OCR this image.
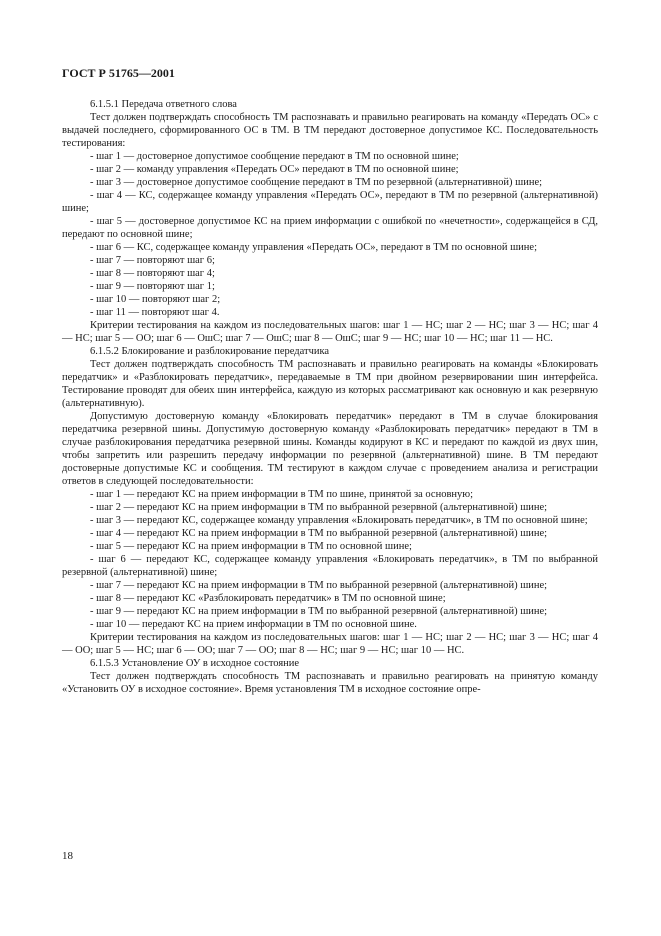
ГОСТ Р 51765—2001

6.1.5.1 Передача ответного слова

Тест должен подтверждать способность ТМ распознавать и правильно реагировать на команду «Передать ОС» с выдачей последнего, сформированного ОС в ТМ. В ТМ передают достоверное допустимое КС. Последовательность тестирования:

- шаг 1 — достоверное допустимое сообщение передают в ТМ по основной шине;

- шаг 2 — команду управления «Передать ОС» передают в ТМ по основной шине;

- шаг 3 — достоверное допустимое сообщение передают в ТМ по резервной (альтернативной) шине;

- шаг 4 — КС, содержащее команду управления «Передать ОС», передают в ТМ по резервной (альтернативной) шине;

- шаг 5 — достоверное допустимое КС на прием информации с ошибкой по «нечетности», содержащейся в СД, передают по основной шине;

- шаг 6 — КС, содержащее команду управления «Передать ОС», передают в ТМ по основной шине;

- шаг 7 — повторяют шаг 6;

- шаг 8 — повторяют шаг 4;

- шаг 9 — повторяют шаг 1;

- шаг 10 — повторяют шаг 2;

- шаг 11 — повторяют шаг 4.

Критерии тестирования на каждом из последовательных шагов: шаг 1 — НС; шаг 2 — НС; шаг 3 — НС; шаг 4 — НС; шаг 5 — ОО; шаг 6 — ОшС; шаг 7 — ОшС; шаг 8 — ОшС; шаг 9 — НС; шаг 10 — НС; шаг 11 — НС.

6.1.5.2 Блокирование и разблокирование передатчика

Тест должен подтверждать способность ТМ распознавать и правильно реагировать на команды «Блокировать передатчик» и «Разблокировать передатчик», передаваемые в ТМ при двойном резервировании шин интерфейса. Тестирование проводят для обеих шин интерфейса, каждую из которых рассматривают как основную и как резервную (альтернативную).

Допустимую достоверную команду «Блокировать передатчик» передают в ТМ в случае блокирования передатчика резервной шины. Допустимую достоверную команду «Разблокировать передатчик» передают в ТМ в случае разблокирования передатчика резервной шины. Команды кодируют в КС и передают по каждой из двух шин, чтобы запретить или разрешить передачу информации по резервной (альтернативной) шине. В ТМ передают достоверные допустимые КС и сообщения. ТМ тестируют в каждом случае с проведением анализа и регистрации ответов в следующей последовательности:

- шаг 1 — передают КС на прием информации в ТМ по шине, принятой за основную;

- шаг 2 — передают КС на прием информации в ТМ по выбранной резервной (альтернативной) шине;

- шаг 3 — передают КС, содержащее команду управления «Блокировать передатчик», в ТМ по основной шине;

- шаг 4 — передают КС на прием информации в ТМ по выбранной резервной (альтернативной) шине;

- шаг 5 — передают КС на прием информации в ТМ по основной шине;

- шаг 6 — передают КС, содержащее команду управления «Блокировать передатчик», в ТМ по выбранной резервной (альтернативной) шине;

- шаг 7 — передают КС на прием информации в ТМ по выбранной резервной (альтернативной) шине;

- шаг 8 — передают КС «Разблокировать передатчик» в ТМ по основной шине;

- шаг 9 — передают КС на прием информации в ТМ по выбранной резервной (альтернативной) шине;

- шаг 10 — передают КС на прием информации в ТМ по основной шине.

Критерии тестирования на каждом из последовательных шагов: шаг 1 — НС; шаг 2 — НС; шаг 3 — НС; шаг 4 — ОО; шаг 5 — НС; шаг 6 — ОО; шаг 7 — ОО; шаг 8 — НС; шаг 9 — НС; шаг 10 — НС.

6.1.5.3 Установление ОУ в исходное состояние

Тест должен подтверждать способность ТМ распознавать и правильно реагировать на принятую команду «Установить ОУ в исходное состояние». Время установления ТМ в исходное состояние опре-

18
